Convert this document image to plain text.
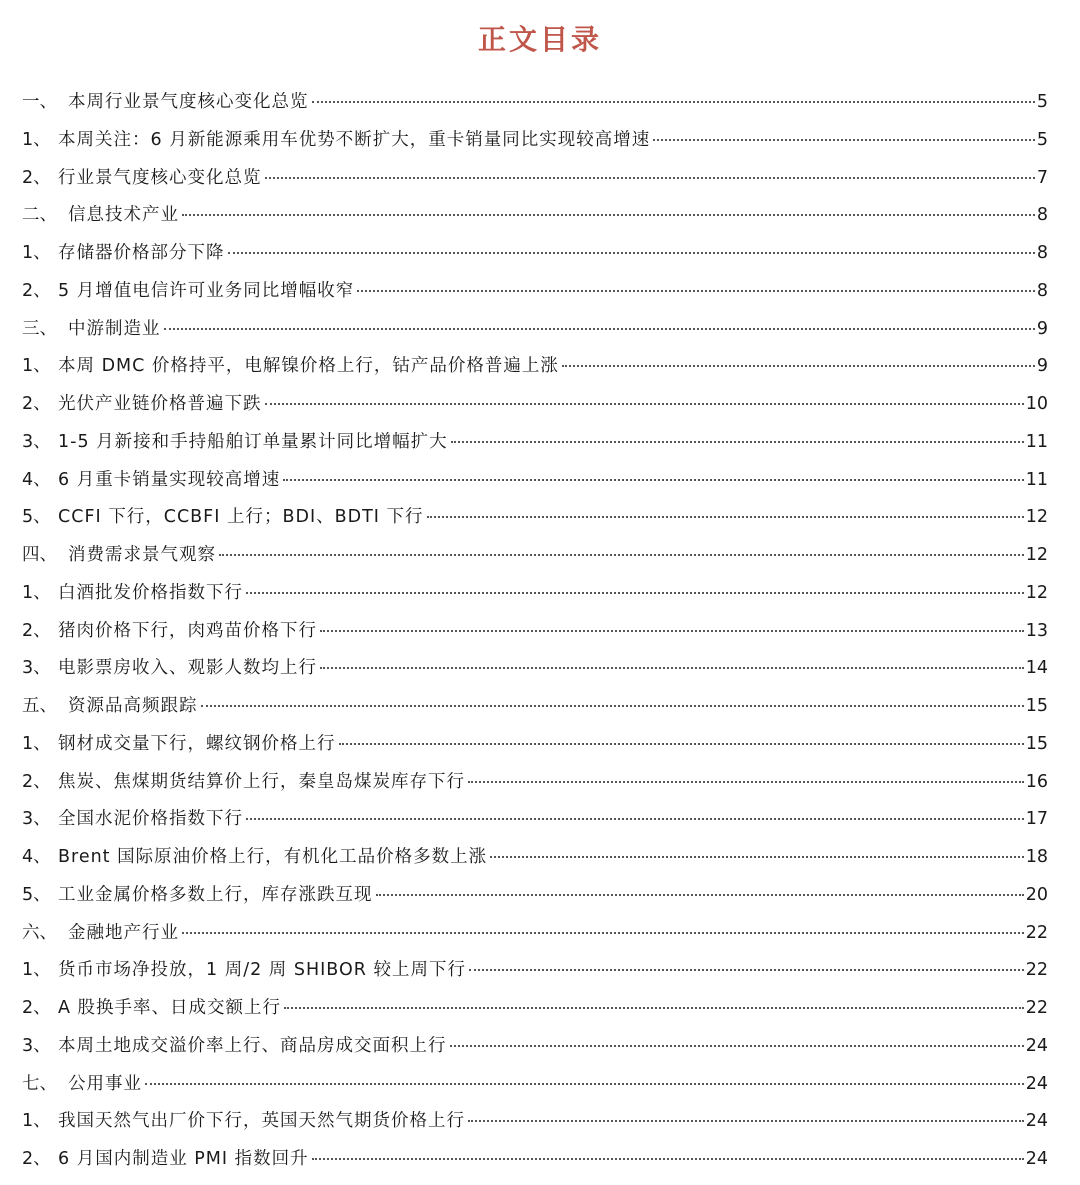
正文目录
一、 本周行业景气度核心变化总览	5
1、 本周关注：6 月新能源乘用车优势不断扩大，重卡销量同比实现较高增速	5
2、 行业景气度核心变化总览	7
二、 信息技术产业	8
1、 存储器价格部分下降	8
2、 5 月增值电信许可业务同比增幅收窄	8
三、 中游制造业	9
1、 本周 DMC 价格持平，电解镍价格上行，钴产品价格普遍上涨	9
2、 光伏产业链价格普遍下跌	10
3、 1-5 月新接和手持船舶订单量累计同比增幅扩大	11
4、 6 月重卡销量实现较高增速	11
5、 CCFI 下行，CCBFI 上行；BDI、BDTI 下行	12
四、 消费需求景气观察	12
1、 白酒批发价格指数下行	12
2、 猪肉价格下行，肉鸡苗价格下行	13
3、 电影票房收入、观影人数均上行	14
五、 资源品高频跟踪	15
1、 钢材成交量下行，螺纹钢价格上行	15
2、 焦炭、焦煤期货结算价上行，秦皇岛煤炭库存下行	16
3、 全国水泥价格指数下行	17
4、 Brent 国际原油价格上行，有机化工品价格多数上涨	18
5、 工业金属价格多数上行，库存涨跌互现	20
六、 金融地产行业	22
1、 货币市场净投放，1 周/2 周 SHIBOR 较上周下行	22
2、 A 股换手率、日成交额上行	22
3、 本周土地成交溢价率上行、商品房成交面积上行	24
七、 公用事业	24
1、 我国天然气出厂价下行，英国天然气期货价格上行	24
2、 6 月国内制造业 PMI 指数回升	24
